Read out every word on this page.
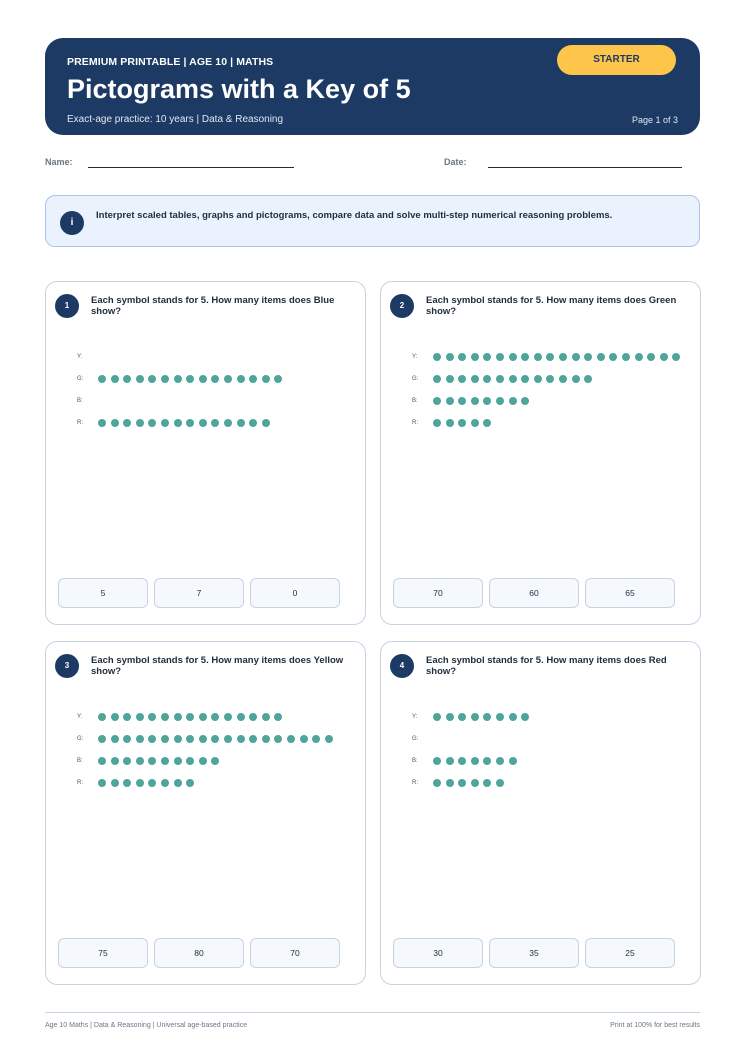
PREMIUM PRINTABLE | AGE 10 | MATHS
Pictograms with a Key of 5
Exact-age practice: 10 years | Data & Reasoning
STARTER
Page 1 of 3
Name:	Date:
i
Interpret scaled tables, graphs and pictograms, compare data and solve multi-step numerical reasoning problems.
1	Each symbol stands for 5. How many items does Blue show?
Y:
G:
B:
R:
5	7	0
2	Each symbol stands for 5. How many items does Green show?
Y:
G:
B:
R:
70	60	65
3	Each symbol stands for 5. How many items does Yellow show?
Y:
G:
B:
R:
75	80	70
4	Each symbol stands for 5. How many items does Red show?
Y:
G:
B:
R:
30	35	25
Age 10 Maths | Data & Reasoning | Universal age-based practice	Print at 100% for best results
